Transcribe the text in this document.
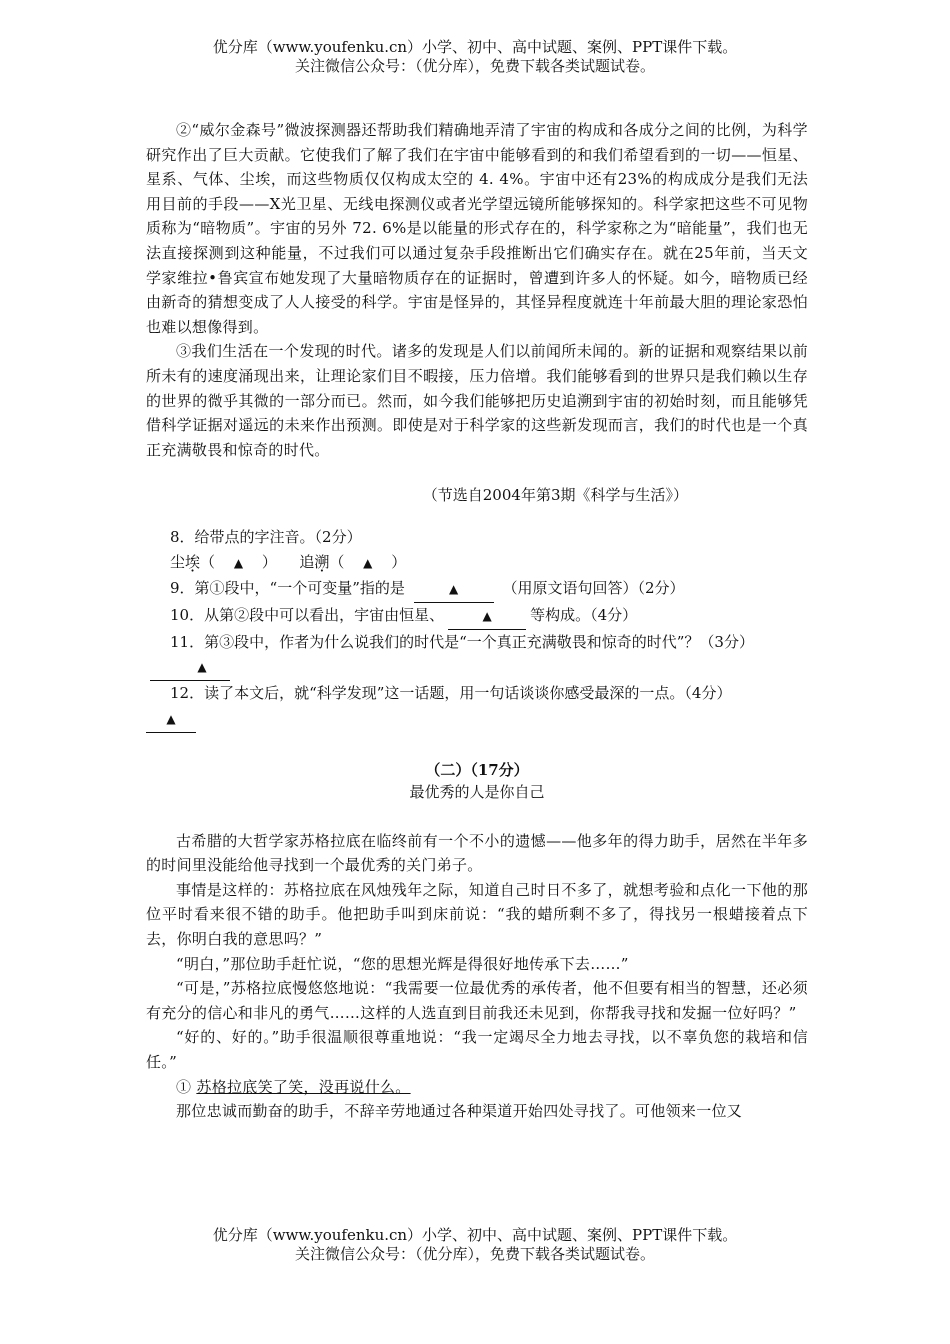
优分库（www.youfenku.cn）小学、初中、高中试题、案例、PPT课件下载。
关注微信公众号：（优分库），免费下载各类试题试卷。

②“威尔金森号”微波探测器还帮助我们精确地弄清了宇宙的构成和各成分之间的比例，为科学研究作出了巨大贡献。它使我们了解了我们在宇宙中能够看到的和我们希望看到的一切——恒星、星系、气体、尘埃，而这些物质仅仅构成太空的 4. 4%。宇宙中还有23%的构成成分是我们无法用目前的手段——X光卫星、无线电探测仪或者光学望远镜所能够探知的。科学家把这些不可见物质称为“暗物质”。宇宙的另外 72. 6%是以能量的形式存在的，科学家称之为“暗能量”，我们也无法直接探测到这种能量，不过我们可以通过复杂手段推断出它们确实存在。就在25年前，当天文学家维拉•鲁宾宣布她发现了大量暗物质存在的证据时，曾遭到许多人的怀疑。如今，暗物质已经由新奇的猜想变成了人人接受的科学。宇宙是怪异的，其怪异程度就连十年前最大胆的理论家恐怕也难以想像得到。

③我们生活在一个发现的时代。诸多的发现是人们以前闻所未闻的。新的证据和观察结果以前所未有的速度涌现出来，让理论家们目不暇接，压力倍增。我们能够看到的世界只是我们赖以生存的世界的微乎其微的一部分而已。然而，如今我们能够把历史追溯到宇宙的初始时刻，而且能够凭借科学证据对遥远的未来作出预测。即使是对于科学家的这些新发现而言，我们的时代也是一个真正充满敬畏和惊奇的时代。

（节选自2004年第3期《科学与生活》）

8．给带点的字注音。（2分）

尘埃（ ▲ ）　　追溯（ ▲ ）

9．第①段中，“一个可变量”指的是	▲	（用原文语句回答）（2分）

10．从第②段中可以看出，宇宙由恒星、	▲	等构成。（4分）

11．第③段中，作者为什么说我们的时代是“一个真正充满敬畏和惊奇的时代”？（3分）▲

12．读了本文后，就“科学发现”这一话题，用一句话谈谈你感受最深的一点。（4分）

▲

（二）（17分）

最优秀的人是你自己

古希腊的大哲学家苏格拉底在临终前有一个不小的遗憾——他多年的得力助手，居然在半年多的时间里没能给他寻找到一个最优秀的关门弟子。

事情是这样的：苏格拉底在风烛残年之际，知道自己时日不多了，就想考验和点化一下他的那位平时看来很不错的助手。他把助手叫到床前说：“我的蜡所剩不多了，得找另一根蜡接着点下去，你明白我的意思吗？”

“明白，”那位助手赶忙说，“您的思想光辉是得很好地传承下去……”

“可是，”苏格拉底慢悠悠地说：“我需要一位最优秀的承传者，他不但要有相当的智慧，还必须有充分的信心和非凡的勇气……这样的人选直到目前我还未见到，你帮我寻找和发掘一位好吗？”

“好的、好的。”助手很温顺很尊重地说：“我一定竭尽全力地去寻找，以不辜负您的栽培和信任。”

① 苏格拉底笑了笑，没再说什么。

那位忠诚而勤奋的助手，不辞辛劳地通过各种渠道开始四处寻找了。可他领来一位又

优分库（www.youfenku.cn）小学、初中、高中试题、案例、PPT课件下载。
关注微信公众号：（优分库），免费下载各类试题试卷。
